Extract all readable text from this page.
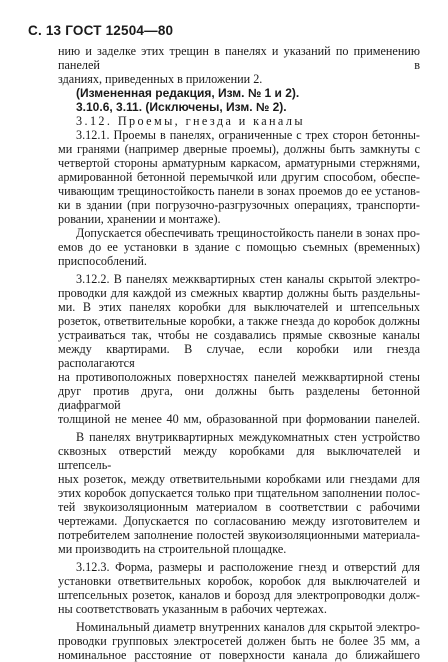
С. 13 ГОСТ 12504—80
нию и заделке этих трещин в панелях и указаний по применению панелей в
зданиях, приведенных в приложении 2.
(Измененная редакция, Изм. № 1 и 2).
3.10.6, 3.11. (Исключены, Изм. № 2).
3.12. Проемы, гнезда и каналы
3.12.1. Проемы в панелях, ограниченные с трех сторон бетонны-
ми гранями (например дверные проемы), должны быть замкнуты с
четвертой стороны арматурным каркасом, арматурными стержнями,
армированной бетонной перемычкой или другим способом, обеспе-
чивающим трещиностойкость панели в зонах проемов до ее установ-
ки в здании (при погрузочно-разгрузочных операциях, транспорти-
ровании, хранении и монтаже).
Допускается обеспечивать трещиностойкость панели в зонах про-
емов до ее установки в здание с помощью съемных (временных)
приспособлений.
3.12.2. В панелях межквартирных стен каналы скрытой электро-
проводки для каждой из смежных квартир должны быть раздельны-
ми. В этих панелях коробки для выключателей и штепсельных
розеток, ответвительные коробки, а также гнезда до коробок должны
устраиваться так, чтобы не создавались прямые сквозные каналы
между квартирами. В случае, если коробки или гнезда располагаются
на противоположных поверхностях панелей межквартирной стены
друг против друга, они должны быть разделены бетонной диафрагмой
толщиной не менее 40 мм, образованной при формовании панелей.
В панелях внутриквартирных междукомнатных стен устройство
сквозных отверстий между коробками для выключателей и штепсель-
ных розеток, между ответвительными коробками или гнездами для
этих коробок допускается только при тщательном заполнении полос-
тей звукоизоляционным материалом в соответствии с рабочими
чертежами. Допускается по согласованию между изготовителем и
потребителем заполнение полостей звукоизоляционными материала-
ми производить на строительной площадке.
3.12.3. Форма, размеры и расположение гнезд и отверстий для
установки ответвительных коробок, коробок для выключателей и
штепсельных розеток, каналов и борозд для электропроводки долж-
ны соответствовать указанным в рабочих чертежах.
Номинальный диаметр внутренних каналов для скрытой электро-
проводки групповых электросетей должен быть не более 35 мм, а
номинальное расстояние от поверхности канала до ближайшего
